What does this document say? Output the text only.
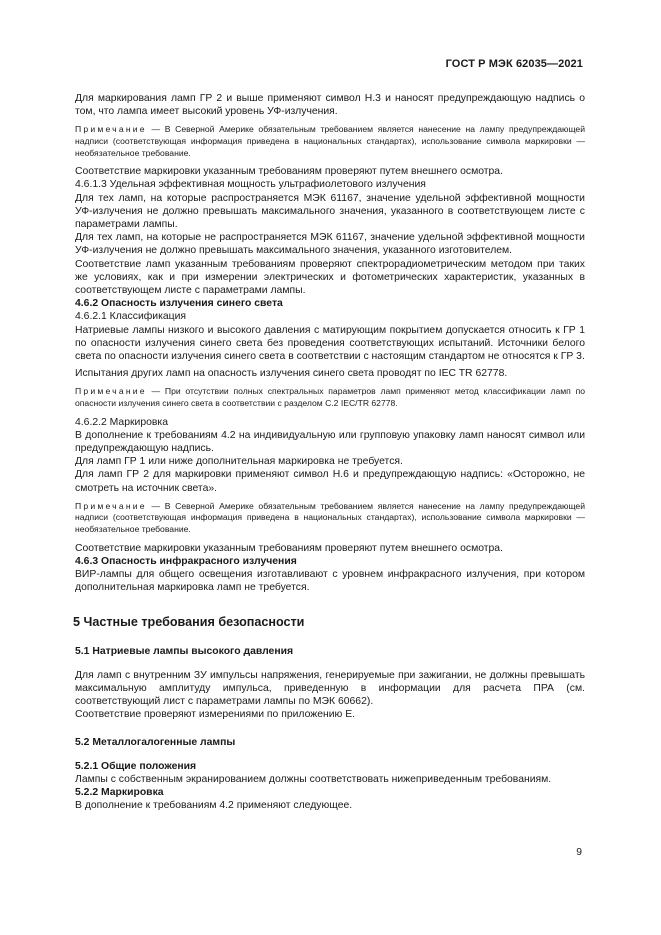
ГОСТ Р МЭК 62035—2021

Для маркирования ламп ГР 2 и выше применяют символ Н.3 и наносят предупреждающую надпись о том, что лампа имеет высокий уровень УФ-излучения.

Примечание — В Северной Америке обязательным требованием является нанесение на лампу предупреждающей надписи (соответствующая информация приведена в национальных стандартах), использование символа маркировки — необязательное требование.

Соответствие маркировки указанным требованиям проверяют путем внешнего осмотра.

4.6.1.3 Удельная эффективная мощность ультрафиолетового излучения

Для тех ламп, на которые распространяется МЭК 61167, значение удельной эффективной мощности УФ-излучения не должно превышать максимального значения, указанного в соответствующем листе с параметрами лампы.

Для тех ламп, на которые не распространяется МЭК 61167, значение удельной эффективной мощности УФ-излучения не должно превышать максимального значения, указанного изготовителем.

Соответствие ламп указанным требованиям проверяют спектрорадиометрическим методом при таких же условиях, как и при измерении электрических и фотометрических характеристик, указанных в соответствующем листе с параметрами лампы.

4.6.2 Опасность излучения синего света

4.6.2.1 Классификация

Натриевые лампы низкого и высокого давления с матирующим покрытием допускается относить к ГР 1 по опасности излучения синего света без проведения соответствующих испытаний. Источники белого света по опасности излучения синего света в соответствии с настоящим стандартом не относятся к ГР 3.

Испытания других ламп на опасность излучения синего света проводят по IEC TR 62778.

Примечание — При отсутствии полных спектральных параметров ламп применяют метод классификации ламп по опасности излучения синего света в соответствии с разделом С.2 IEC/TR 62778.

4.6.2.2 Маркировка

В дополнение к требованиям 4.2 на индивидуальную или групповую упаковку ламп наносят символ или предупреждающую надпись.

Для ламп ГР 1 или ниже дополнительная маркировка не требуется.

Для ламп ГР 2 для маркировки применяют символ Н.6 и предупреждающую надпись: «Осторожно, не смотреть на источник света».

Примечание — В Северной Америке обязательным требованием является нанесение на лампу предупреждающей надписи (соответствующая информация приведена в национальных стандартах), использование символа маркировки — необязательное требование.

Соответствие маркировки указанным требованиям проверяют путем внешнего осмотра.

4.6.3 Опасность инфракрасного излучения

ВИР-лампы для общего освещения изготавливают с уровнем инфракрасного излучения, при котором дополнительная маркировка ламп не требуется.

5 Частные требования безопасности

5.1 Натриевые лампы высокого давления

Для ламп с внутренним ЗУ импульсы напряжения, генерируемые при зажигании, не должны превышать максимальную амплитуду импульса, приведенную в информации для расчета ПРА (см. соответствующий лист с параметрами лампы по МЭК 60662).

Соответствие проверяют измерениями по приложению Е.

5.2 Металлогалогенные лампы

5.2.1 Общие положения

Лампы с собственным экранированием должны соответствовать нижеприведенным требованиям.

5.2.2 Маркировка

В дополнение к требованиям 4.2 применяют следующее.

9
